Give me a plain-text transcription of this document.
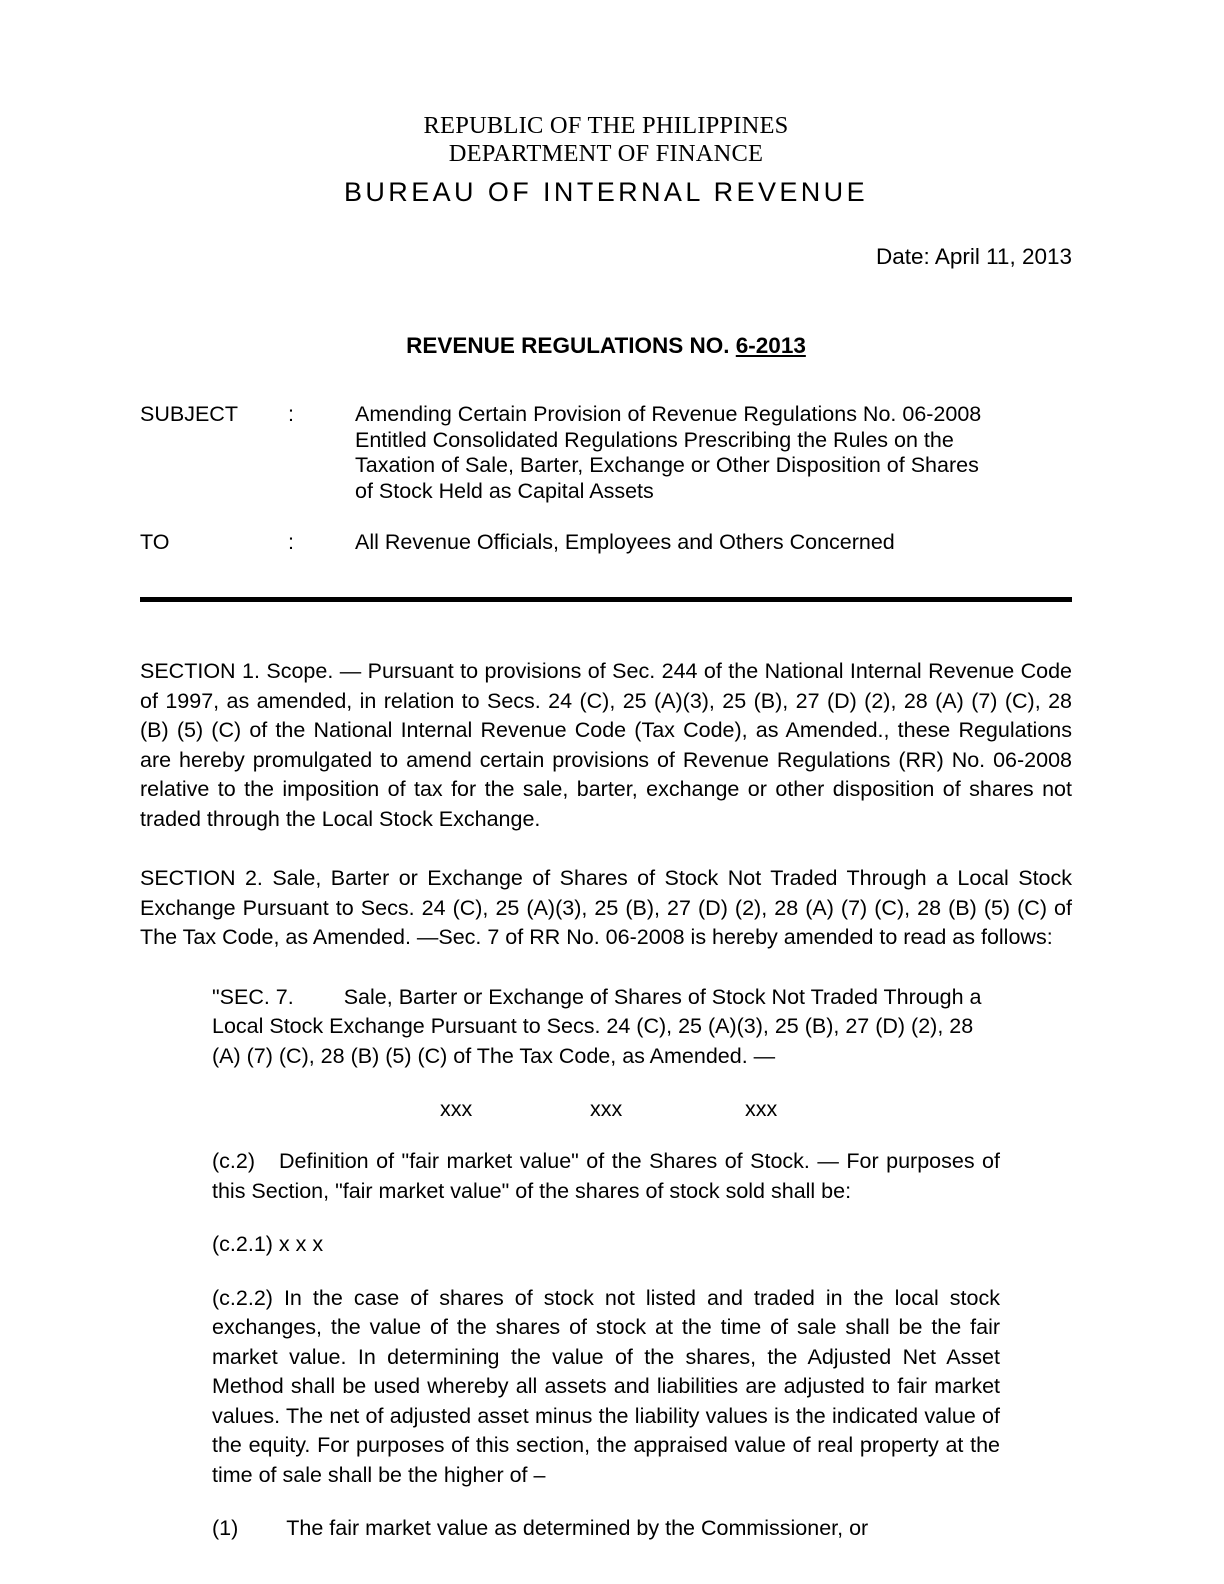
REPUBLIC OF THE PHILIPPINES
DEPARTMENT OF FINANCE
BUREAU OF INTERNAL REVENUE
Date: April 11, 2013
REVENUE REGULATIONS NO. 6-2013
SUBJECT	:	Amending Certain Provision of Revenue Regulations No. 06-2008
Entitled Consolidated Regulations Prescribing the Rules on the
Taxation of Sale, Barter, Exchange or Other Disposition of Shares
of Stock Held as Capital Assets
TO	:	All Revenue Officials, Employees and Others Concerned

SECTION 1. Scope. — Pursuant to provisions of Sec. 244 of the National Internal Revenue Code of 1997, as amended, in relation to Secs. 24 (C), 25 (A)(3), 25 (B), 27 (D) (2), 28 (A) (7) (C), 28 (B) (5) (C) of the National Internal Revenue Code (Tax Code), as Amended., these Regulations are hereby promulgated to amend certain provisions of Revenue Regulations (RR) No. 06-2008 relative to the imposition of tax for the sale, barter, exchange or other disposition of shares not traded through the Local Stock Exchange.

SECTION 2. Sale, Barter or Exchange of Shares of Stock Not Traded Through a Local Stock Exchange Pursuant to Secs. 24 (C), 25 (A)(3), 25 (B), 27 (D) (2), 28 (A) (7) (C), 28 (B) (5) (C) of The Tax Code, as Amended. —Sec. 7 of RR No. 06-2008 is hereby amended to read as follows:

"SEC. 7. Sale, Barter or Exchange of Shares of Stock Not Traded Through a Local Stock Exchange Pursuant to Secs. 24 (C), 25 (A)(3), 25 (B), 27 (D) (2), 28 (A) (7) (C), 28 (B) (5) (C) of The Tax Code, as Amended. —

xxx	xxx	xxx

(c.2) Definition of "fair market value" of the Shares of Stock. — For purposes of this Section, "fair market value" of the shares of stock sold shall be:

(c.2.1) x x x

(c.2.2) In the case of shares of stock not listed and traded in the local stock exchanges, the value of the shares of stock at the time of sale shall be the fair market value. In determining the value of the shares, the Adjusted Net Asset Method shall be used whereby all assets and liabilities are adjusted to fair market values. The net of adjusted asset minus the liability values is the indicated value of the equity. For purposes of this section, the appraised value of real property at the time of sale shall be the higher of –

(1) The fair market value as determined by the Commissioner, or
